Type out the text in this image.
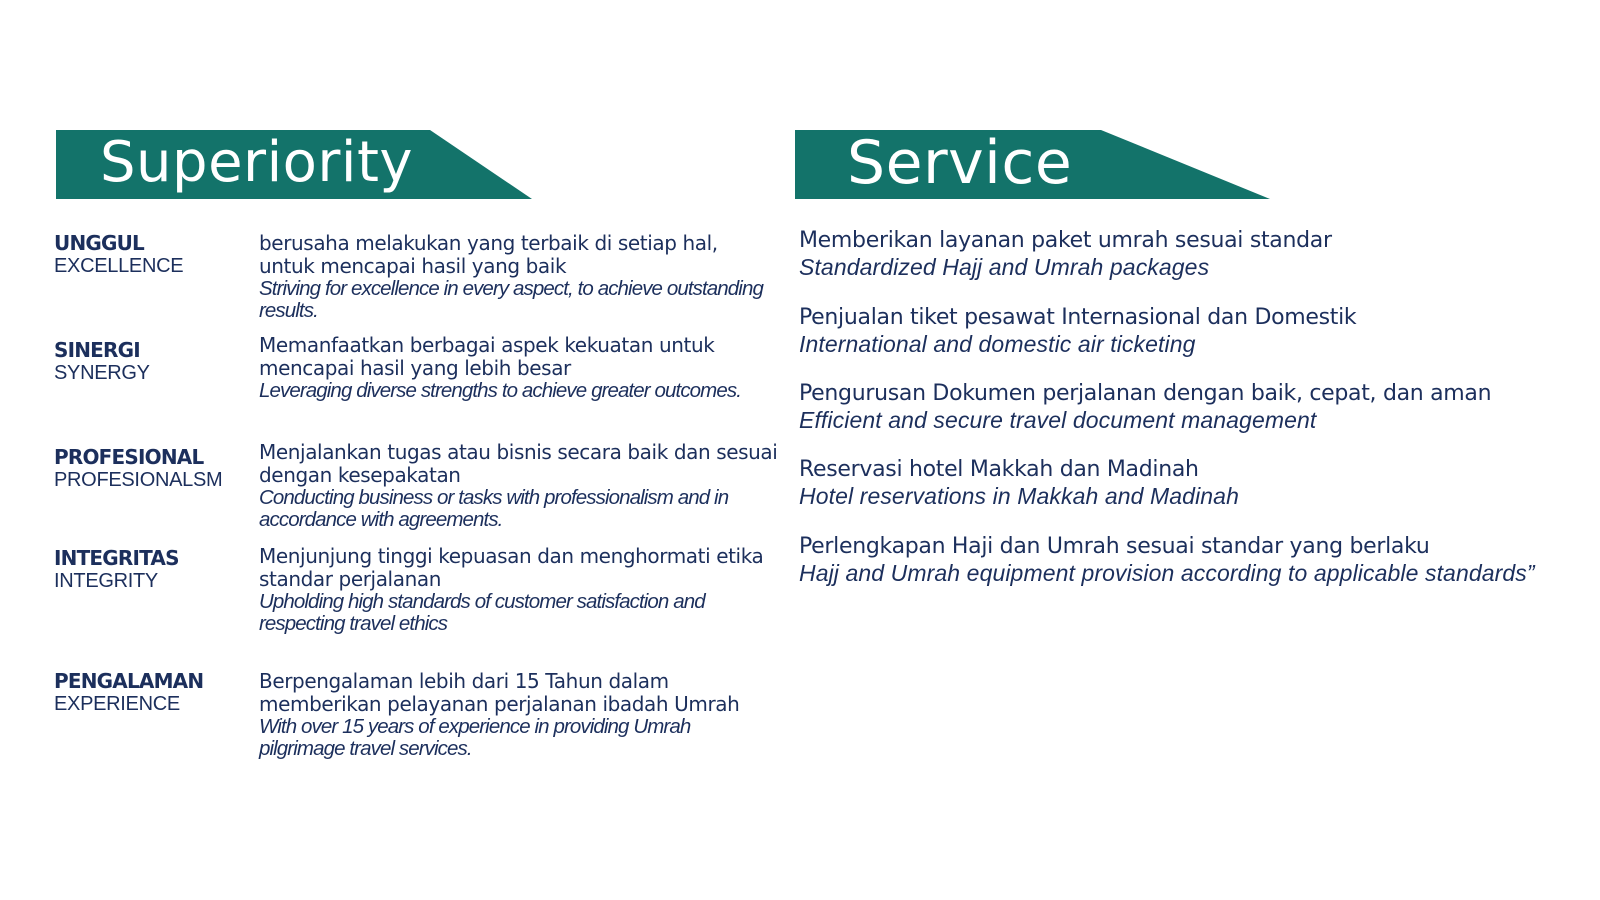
Superiority	Service
UNGGUL
EXCELLENCE
berusaha melakukan yang terbaik di setiap hal, untuk mencapai hasil yang baik
Striving for excellence in every aspect, to achieve outstanding results.
SINERGI
SYNERGY
Memanfaatkan berbagai aspek kekuatan untuk mencapai hasil yang lebih besar
Leveraging diverse strengths to achieve greater outcomes.
PROFESIONAL
PROFESIONALSM
Menjalankan tugas atau bisnis secara baik dan sesuai dengan kesepakatan
Conducting business or tasks with professionalism and in accordance with agreements.
INTEGRITAS
INTEGRITY
Menjunjung tinggi kepuasan dan menghormati etika standar perjalanan
Upholding high standards of customer satisfaction and respecting travel ethics
PENGALAMAN
EXPERIENCE
Berpengalaman lebih dari 15 Tahun dalam memberikan pelayanan perjalanan ibadah Umrah
With over 15 years of experience in providing Umrah pilgrimage travel services.
Memberikan layanan paket umrah sesuai standar
Standardized Hajj and Umrah packages
Penjualan tiket pesawat Internasional dan Domestik
International and domestic air ticketing
Pengurusan Dokumen perjalanan dengan baik, cepat, dan aman
Efficient and secure travel document management
Reservasi hotel Makkah dan Madinah
Hotel reservations in Makkah and Madinah
Perlengkapan Haji dan Umrah sesuai standar yang berlaku
Hajj and Umrah equipment provision according to applicable standards”
